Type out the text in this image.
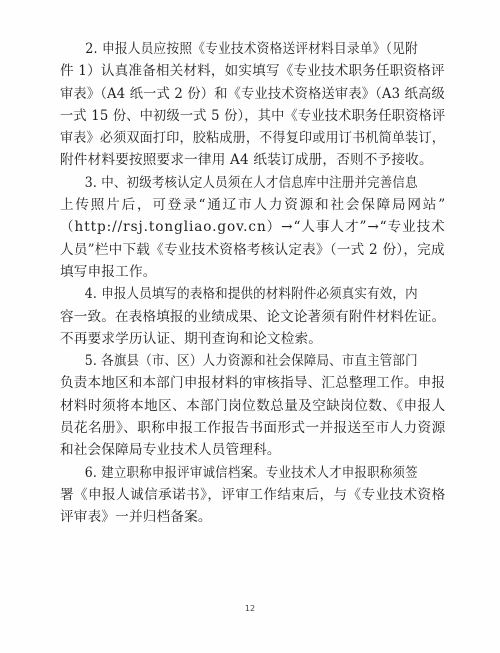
2. 申报人员应按照《专业技术资格送评材料目录单》（见附
件 1）认真准备相关材料，如实填写《专业技术职务任职资格评
审表》（A4 纸一式 2 份）和《专业技术资格送审表》（A3 纸高级
一式 15 份、中初级一式 5 份），其中《专业技术职务任职资格评
审表》必须双面打印，胶粘成册，不得复印或用订书机简单装订，
附件材料要按照要求一律用 A4 纸装订成册，否则不予接收。

3. 中、初级考核认定人员须在人才信息库中注册并完善信息
上传照片后，可登录“通辽市人力资源和社会保障局网站”
（http://rsj.tongliao.gov.cn）→“人事人才”→“专业技术
人员”栏中下载《专业技术资格考核认定表》（一式 2 份），完成
填写申报工作。

4. 申报人员填写的表格和提供的材料附件必须真实有效，内
容一致。在表格填报的业绩成果、论文论著须有附件材料佐证。
不再要求学历认证、期刊查询和论文检索。

5. 各旗县（市、区）人力资源和社会保障局、市直主管部门
负责本地区和本部门申报材料的审核指导、汇总整理工作。申报
材料时须将本地区、本部门岗位数总量及空缺岗位数、《申报人
员花名册》、职称申报工作报告书面形式一并报送至市人力资源
和社会保障局专业技术人员管理科。

6. 建立职称申报评审诚信档案。专业技术人才申报职称须签
署《申报人诚信承诺书》，评审工作结束后，与《专业技术资格
评审表》一并归档备案。

12
